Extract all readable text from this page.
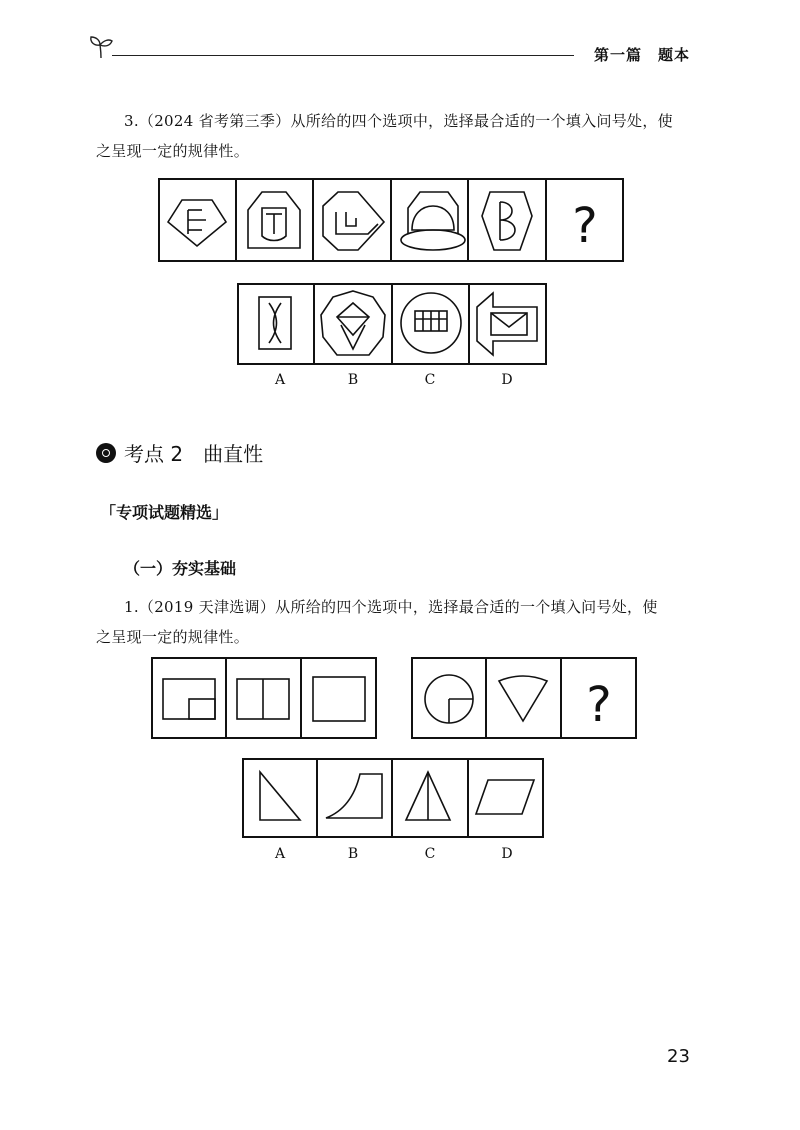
第一篇　题本
3.（2024 省考第三季）从所给的四个选项中，选择最合适的一个填入问号处，使
之呈现一定的规律性。
?
A	B	C	D
考点 2　曲直性
「专项试题精选」
（一）夯实基础
1.（2019 天津选调）从所给的四个选项中，选择最合适的一个填入问号处，使
之呈现一定的规律性。
?
A	B	C	D
23
